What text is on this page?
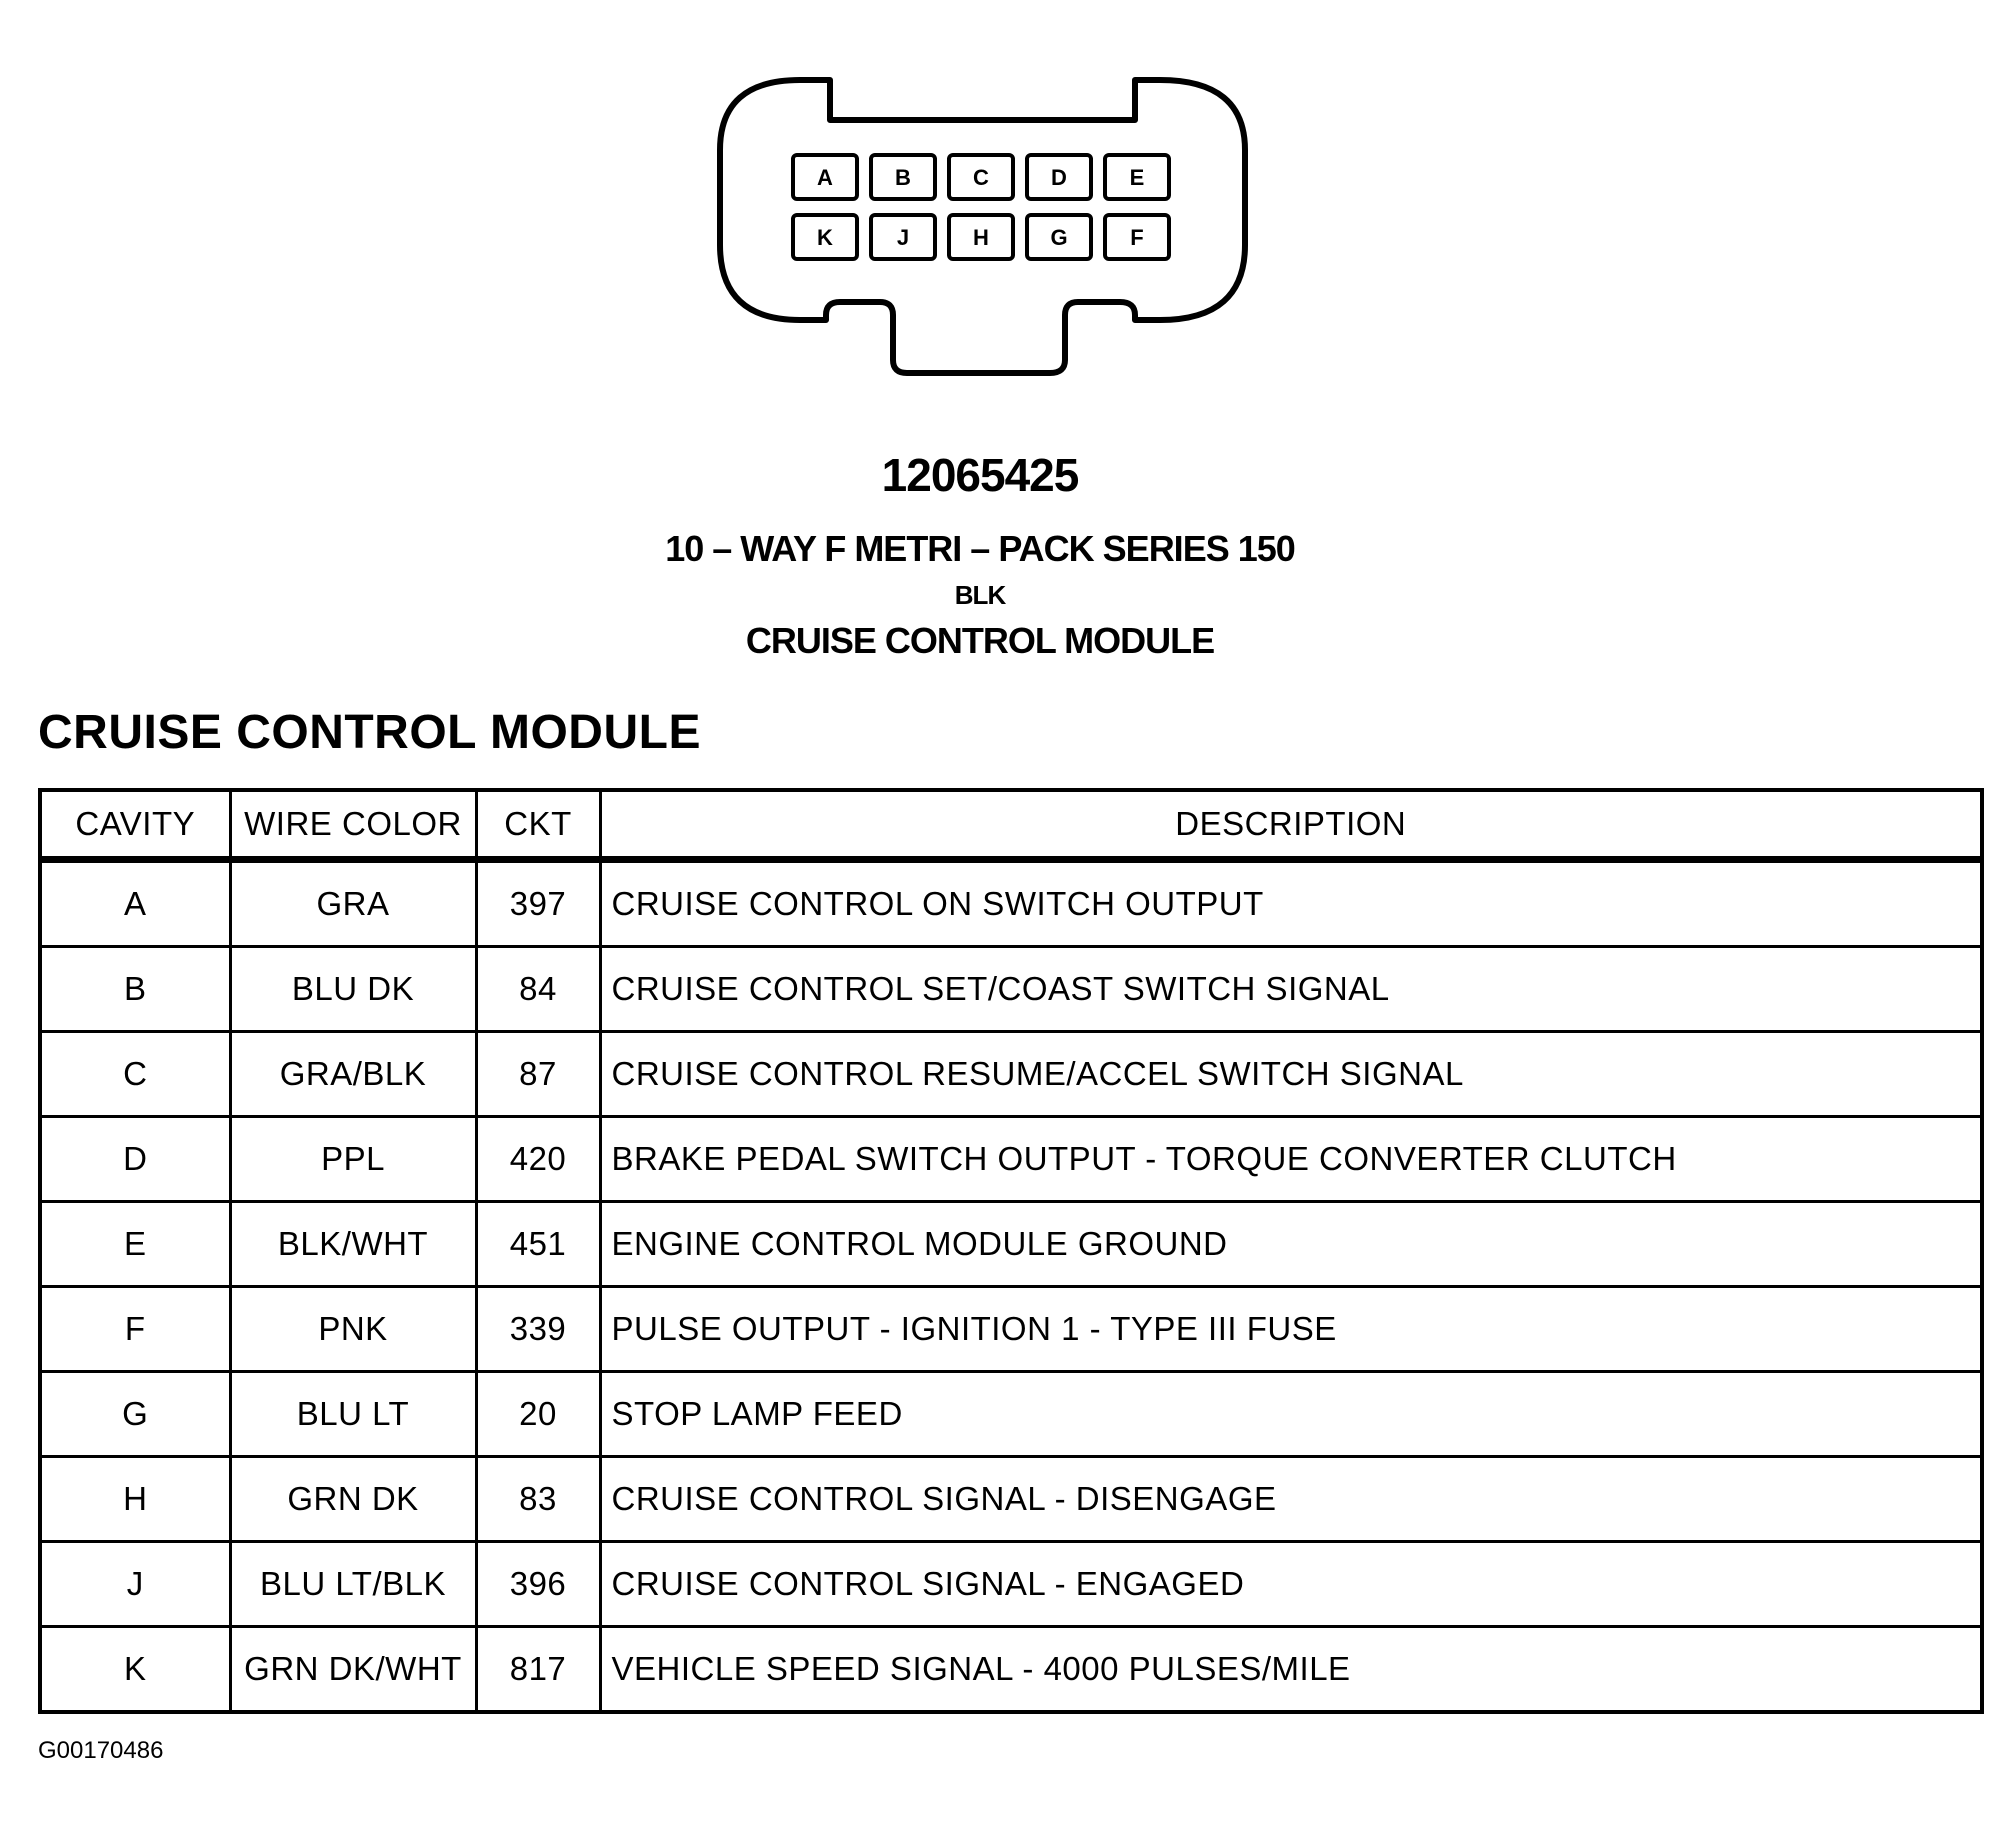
A	B	C	D	E
K	J	H	G	F
12065425
10 – WAY F METRI – PACK SERIES 150
BLK
CRUISE CONTROL MODULE
CRUISE CONTROL MODULE
CAVITY	WIRE COLOR	CKT	DESCRIPTION
A	GRA	397	CRUISE CONTROL ON SWITCH OUTPUT
B	BLU DK	84	CRUISE CONTROL SET/COAST SWITCH SIGNAL
C	GRA/BLK	87	CRUISE CONTROL RESUME/ACCEL SWITCH SIGNAL
D	PPL	420	BRAKE PEDAL SWITCH OUTPUT - TORQUE CONVERTER CLUTCH
E	BLK/WHT	451	ENGINE CONTROL MODULE GROUND
F	PNK	339	PULSE OUTPUT - IGNITION 1 - TYPE III FUSE
G	BLU LT	20	STOP LAMP FEED
H	GRN DK	83	CRUISE CONTROL SIGNAL - DISENGAGE
J	BLU LT/BLK	396	CRUISE CONTROL SIGNAL - ENGAGED
K	GRN DK/WHT	817	VEHICLE SPEED SIGNAL - 4000 PULSES/MILE
G00170486
